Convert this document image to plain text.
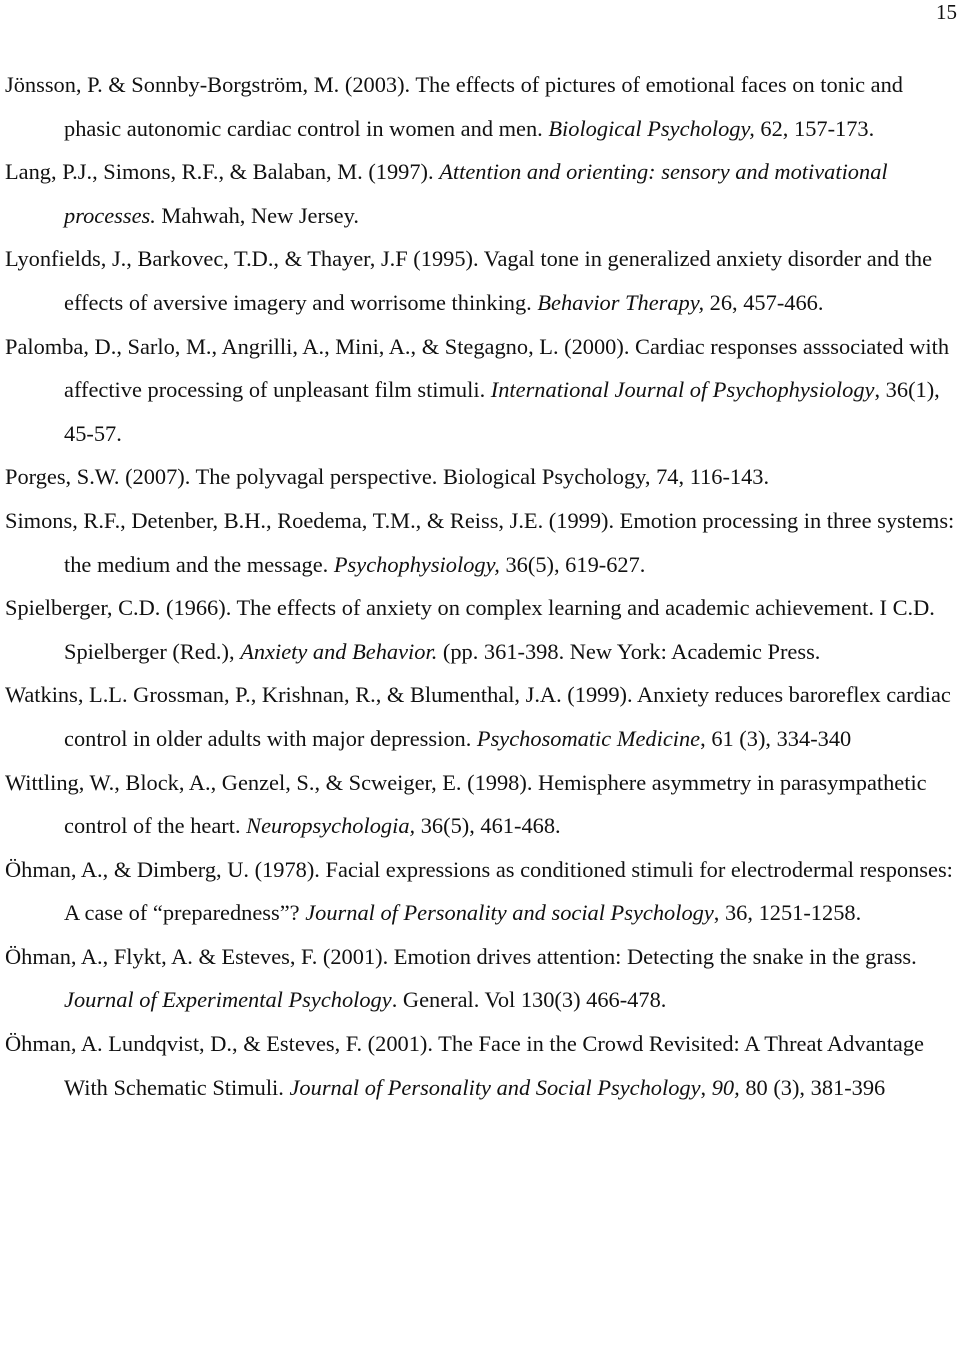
15

Jönsson, P. & Sonnby-Borgström, M. (2003). The effects of pictures of emotional faces on tonic and phasic autonomic cardiac control in women and men. Biological Psychology, 62, 157-173.

Lang, P.J., Simons, R.F., & Balaban, M. (1997). Attention and orienting: sensory and motivational processes. Mahwah, New Jersey.

Lyonfields, J., Barkovec, T.D., & Thayer, J.F (1995). Vagal tone in generalized anxiety disorder and the effects of aversive imagery and worrisome thinking. Behavior Therapy, 26, 457-466.

Palomba, D., Sarlo, M., Angrilli, A., Mini, A., & Stegagno, L. (2000). Cardiac responses asssociated with affective processing of unpleasant film stimuli. International Journal of Psychophysiology, 36(1), 45-57.

Porges, S.W. (2007). The polyvagal perspective. Biological Psychology, 74, 116-143.

Simons, R.F., Detenber, B.H., Roedema, T.M., & Reiss, J.E. (1999). Emotion processing in three systems: the medium and the message. Psychophysiology, 36(5), 619-627.

Spielberger, C.D. (1966). The effects of anxiety on complex learning and academic achievement. I C.D. Spielberger (Red.), Anxiety and Behavior. (pp. 361-398. New York: Academic Press.

Watkins, L.L. Grossman, P., Krishnan, R., & Blumenthal, J.A. (1999). Anxiety reduces baroreflex cardiac control in older adults with major depression. Psychosomatic Medicine, 61 (3), 334-340

Wittling, W., Block, A., Genzel, S., & Scweiger, E. (1998). Hemisphere asymmetry in parasympathetic control of the heart. Neuropsychologia, 36(5), 461-468.

Öhman, A., & Dimberg, U. (1978). Facial expressions as conditioned stimuli for electrodermal responses: A case of “preparedness”? Journal of Personality and social Psychology, 36, 1251-1258.

Öhman, A., Flykt, A. & Esteves, F. (2001). Emotion drives attention: Detecting the snake in the grass. Journal of Experimental Psychology. General. Vol 130(3) 466-478.

Öhman, A. Lundqvist, D., & Esteves, F. (2001). The Face in the Crowd Revisited: A Threat Advantage With Schematic Stimuli. Journal of Personality and Social Psychology, 90, 80 (3), 381-396
